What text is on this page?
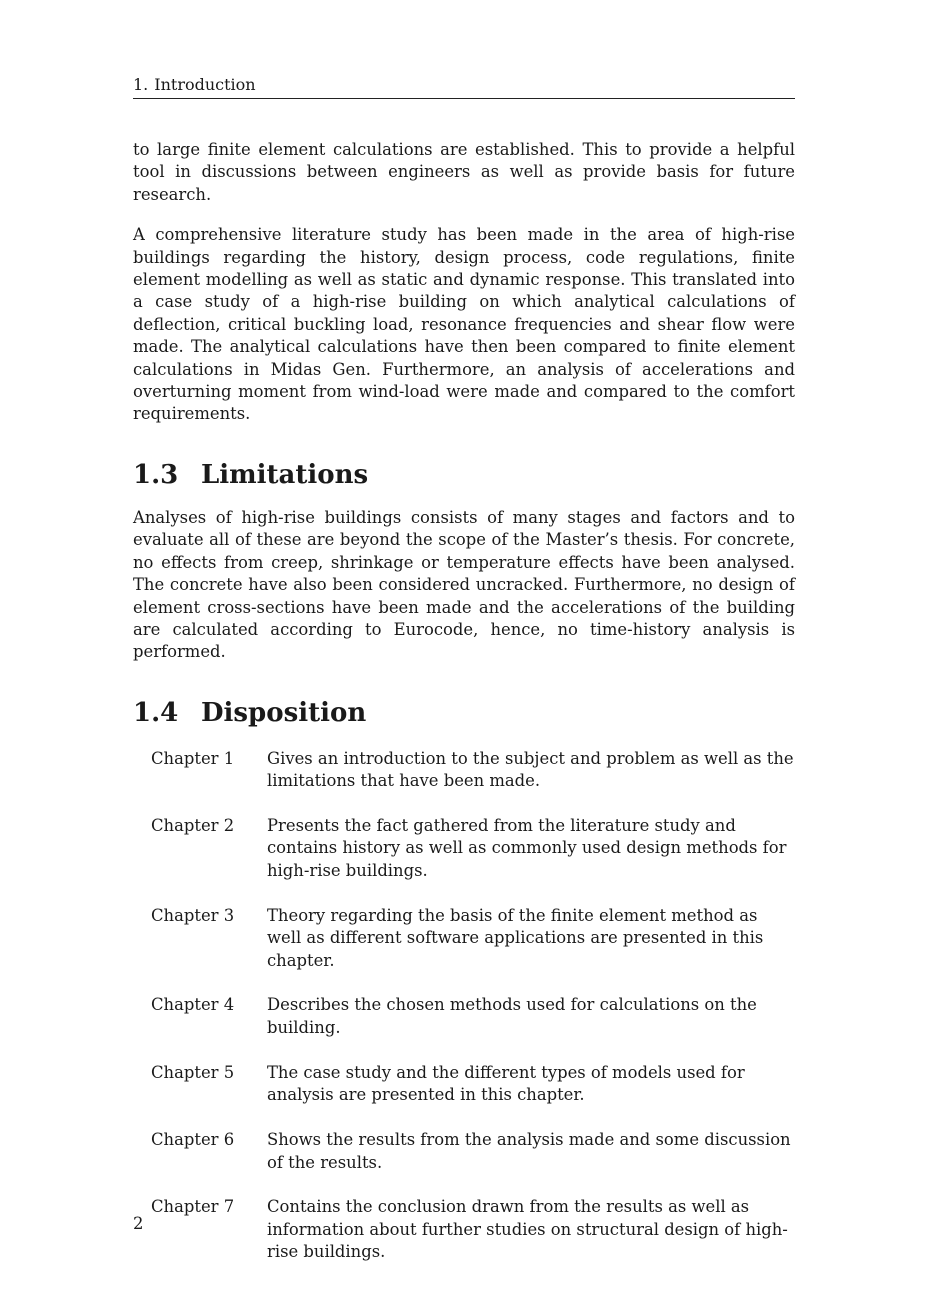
1. Introduction

to large finite element calculations are established. This to provide a helpful tool in discussions between engineers as well as provide basis for future research.

A comprehensive literature study has been made in the area of high-rise buildings regarding the history, design process, code regulations, finite element modelling as well as static and dynamic response. This translated into a case study of a high-rise building on which analytical calculations of deflection, critical buckling load, resonance frequencies and shear flow were made. The analytical calculations have then been compared to finite element calculations in Midas Gen. Furthermore, an analysis of accelerations and overturning moment from wind-load were made and compared to the comfort requirements.

1.3 Limitations

Analyses of high-rise buildings consists of many stages and factors and to evaluate all of these are beyond the scope of the Master’s thesis. For concrete, no effects from creep, shrinkage or temperature effects have been analysed. The concrete have also been considered uncracked. Furthermore, no design of element cross-sections have been made and the accelerations of the building are calculated according to Eurocode, hence, no time-history analysis is performed.

1.4 Disposition
Chapter 1	Gives an introduction to the subject and problem as well as the limitations that have been made.
Chapter 2	Presents the fact gathered from the literature study and contains history as well as commonly used design methods for high-rise buildings.
Chapter 3	Theory regarding the basis of the finite element method as well as different software applications are presented in this chapter.
Chapter 4	Describes the chosen methods used for calculations on the building.
Chapter 5	The case study and the different types of models used for analysis are presented in this chapter.
Chapter 6	Shows the results from the analysis made and some discussion of the results.
Chapter 7	Contains the conclusion drawn from the results as well as information about further studies on structural design of high-rise buildings.
2
